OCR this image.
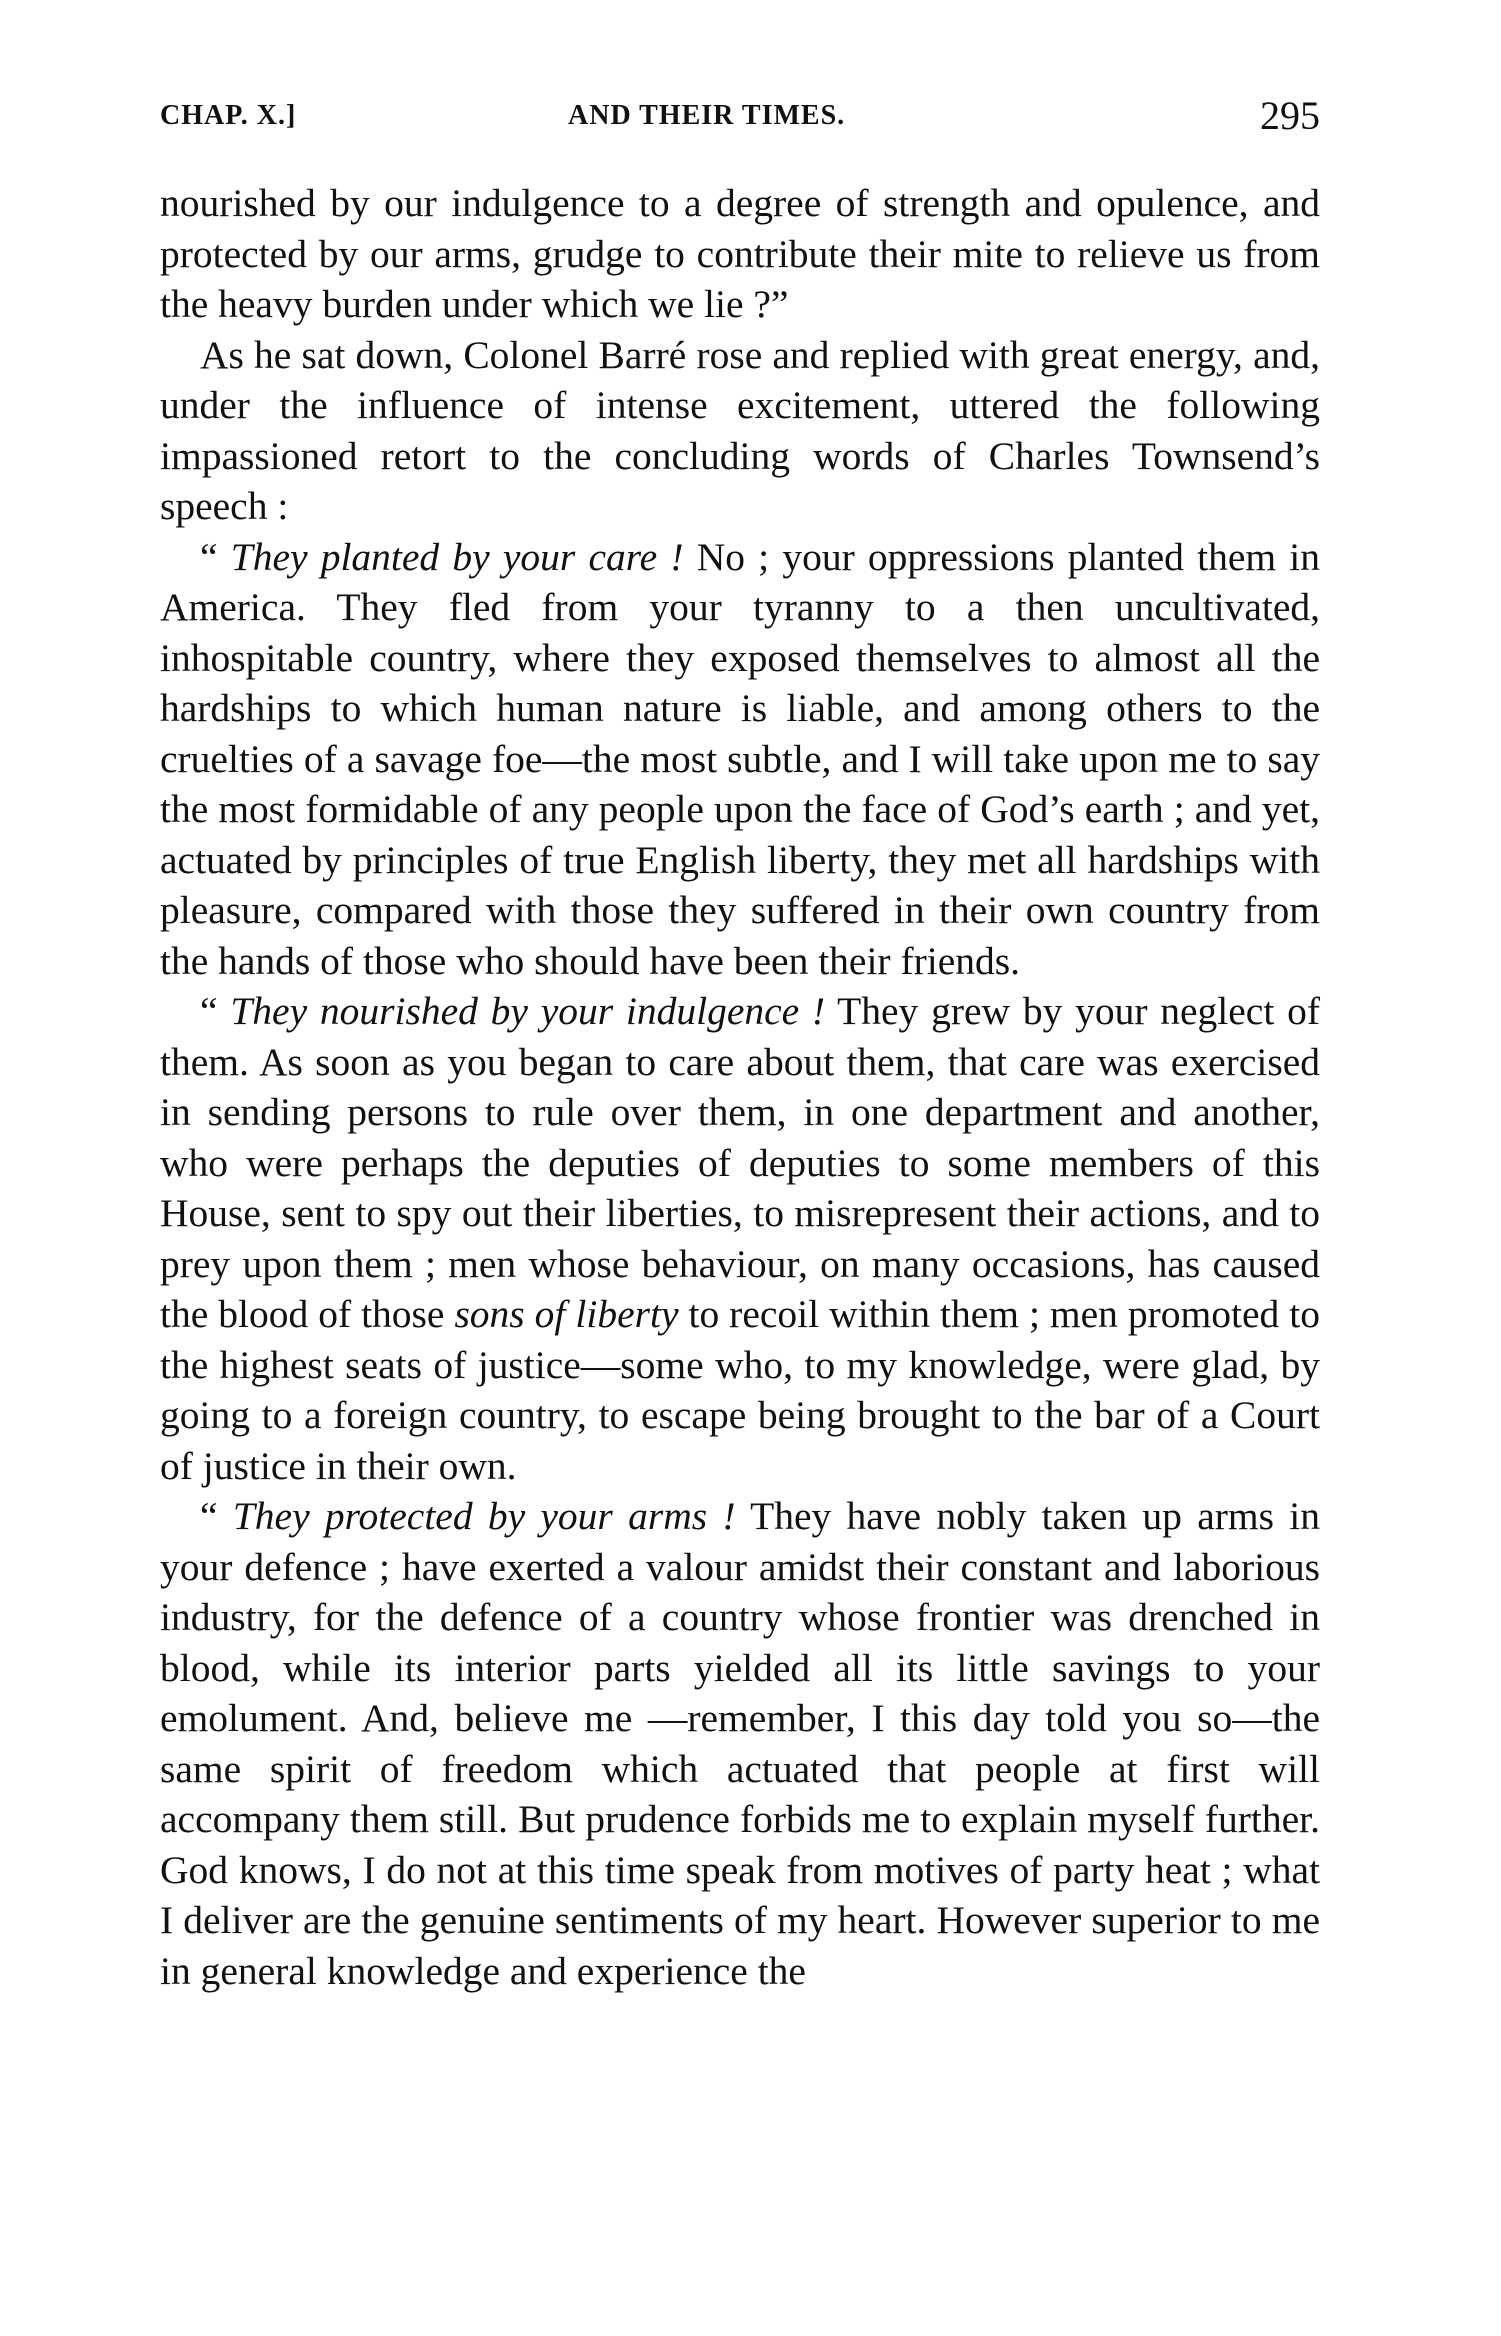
CHAP. X.]	AND THEIR TIMES.	295

nourished by our indulgence to a degree of strength and opulence, and protected by our arms, grudge to contribute their mite to relieve us from the heavy burden under which we lie ?”

As he sat down, Colonel Barré rose and replied with great energy, and, under the influence of intense excitement, uttered the following impassioned retort to the concluding words of Charles Townsend’s speech :

“ They planted by your care ! No ; your oppressions planted them in America. They fled from your tyranny to a then uncultivated, inhospitable country, where they exposed themselves to almost all the hardships to which human nature is liable, and among others to the cruelties of a savage foe—the most subtle, and I will take upon me to say the most formidable of any people upon the face of God’s earth ; and yet, actuated by principles of true English liberty, they met all hardships with pleasure, compared with those they suffered in their own country from the hands of those who should have been their friends.

“ They nourished by your indulgence ! They grew by your neglect of them. As soon as you began to care about them, that care was exercised in sending persons to rule over them, in one department and another, who were perhaps the deputies of deputies to some members of this House, sent to spy out their liberties, to misrepresent their actions, and to prey upon them ; men whose behaviour, on many occasions, has caused the blood of those sons of liberty to recoil within them ; men promoted to the highest seats of justice—some who, to my knowledge, were glad, by going to a foreign country, to escape being brought to the bar of a Court of justice in their own.

“ They protected by your arms ! They have nobly taken up arms in your defence ; have exerted a valour amidst their constant and laborious industry, for the defence of a country whose frontier was drenched in blood, while its interior parts yielded all its little savings to your emolument. And, believe me —remember, I this day told you so—the same spirit of freedom which actuated that people at first will accompany them still. But prudence forbids me to explain myself further. God knows, I do not at this time speak from motives of party heat ; what I deliver are the genuine sentiments of my heart. However superior to me in general knowledge and experience the
